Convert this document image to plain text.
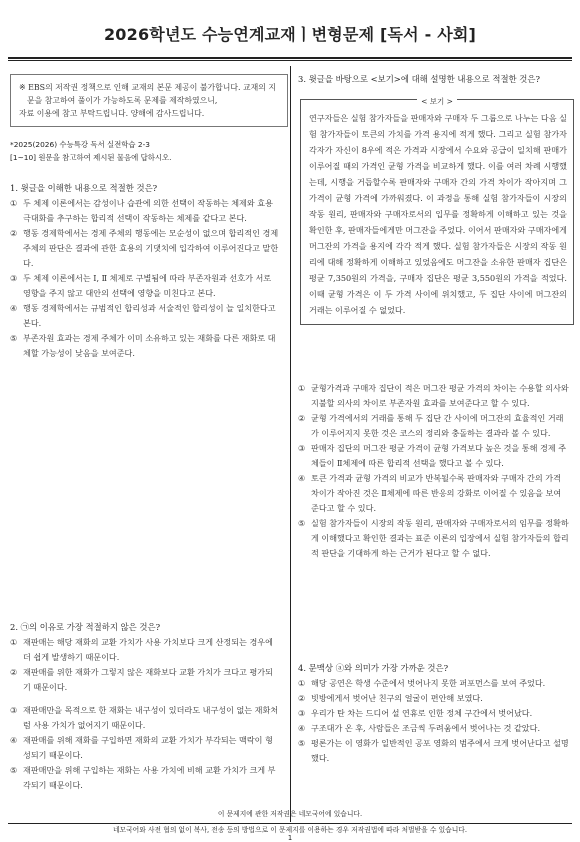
2026학년도 수능연계교재ㅣ변형문제 [독서 - 사회]

※ EBS의 저작권 정책으로 인해 교재의 본문 제공이 불가합니다. 교재의 지문을 참고하여 풀이가 가능하도록 문제를 제작하였으니,

자료 이용에 참고 부탁드립니다. 양해에 감사드립니다.

*2025(2026) 수능특강 독서 실전학습 2-3
[1~10] 원문을 참고하여 제시된 물음에 답하시오.

1. 윗글을 이해한 내용으로 적절한 것은?

① 두 체제 이론에서는 감성이나 습관에 의한 선택이 작동하는 체제와 효용 극대화를 추구하는 합리적 선택이 작동하는 체제를 같다고 본다.

② 행동 경제학에서는 경제 주체의 행동에는 모순성이 없으며 합리적인 경제 주체의 판단은 결과에 관한 효용의 기댓치에 입각하여 이루어진다고 말한다.

③ 두 체제 이론에서는 Ⅰ, Ⅱ 체제로 구별됨에 따라 부존자원과 선호가 서로 영향을 주지 않고 대안의 선택에 영향을 미친다고 본다.

④ 행동 경제학에서는 규범적인 합리성과 서술적인 합리성이 늘 일치한다고 본다.

⑤ 부존자원 효과는 경제 주체가 이미 소유하고 있는 재화를 다른 재화로 대체할 가능성이 낮음을 보여준다.

2. ㉠의 이유로 가장 적절하지 않은 것은?

① 재판매는 해당 재화의 교환 가치가 사용 가치보다 크게 산정되는 경우에 더 쉽게 발생하기 때문이다.

② 재판매를 위한 재화가 그렇지 않은 재화보다 교환 가치가 크다고 평가되기 때문이다.

③ 재판매만을 목적으로 한 재화는 내구성이 있더라도 내구성이 없는 재화처럼 사용 가치가 없어지기 때문이다.

④ 재판매를 위해 재화를 구입하면 재화의 교환 가치가 부각되는 맥락이 형성되기 때문이다.

⑤ 재판매만을 위해 구입하는 재화는 사용 가치에 비해 교환 가치가 크게 부각되기 때문이다.

3. 윗글을 바탕으로 <보기>에 대해 설명한 내용으로 적절한 것은?

< 보기 >
연구자들은 실험 참가자들을 판매자와 구매자 두 그룹으로 나누는 다음 실험 참가자들이 토큰의 가치를 가격 용지에 적게 했다. 그리고 실험 참가자 각자가 자신이 8우에 적은 가격과 시장에서 수요와 공급이 일치해 판매가 이루어질 때의 가격인 균형 가격을 비교하게 했다. 이를 여러 차례 시행했는데, 시행을 거듭할수록 판매자와 구매자 간의 가격 차이가 작아지며 그 가격이 균형 가격에 가까워졌다. 이 과정을 통해 실험 참가자들이 시장의 작동 원리, 판매자와 구매자로서의 입무를 정확하게 이해하고 있는 것을 확인한 후, 판매자들에게만 머그잔을 주었다. 이어서 판매자와 구매자에게 머그잔의 가격을 용지에 각각 적게 했다. 실험 참가자들은 시장의 작동 원리에 대해 정확하게 이해하고 있었음에도 머그잔을 소유한 판매자 집단은 평균 7,350원의 가격을, 구매자 집단은 평균 3,550원의 가격을 적었다. 이때 균형 가격은 이 두 가격 사이에 위치했고, 두 집단 사이에 머그잔의 거래는 이루어질 수 없었다.

① 균형가격과 구매자 집단이 적은 머그잔 평균 가격의 차이는 수용할 의사와 지불할 의사의 차이로 부존자원 효과를 보여준다고 할 수 있다.

② 균형 가격에서의 거래를 통해 두 집단 간 사이에 머그잔의 효율적인 거래가 이루어지지 못한 것은 코스의 정리와 충돌하는 결과라 볼 수 있다.

③ 판매자 집단의 머그잔 평균 가격이 균형 가격보다 높은 것을 통해 경제 주체들이 Ⅱ체제에 따른 합리적 선택을 했다고 볼 수 있다.

④ 토큰 가격과 균형 가격의 비교가 반복될수록 판매자와 구매자 간의 가격 차이가 작아진 것은 Ⅱ체제에 따른 반응의 강화로 이어질 수 있음을 보여 준다고 할 수 있다.

⑤ 실험 참가자들이 시장의 작동 원리, 판매자와 구매자로서의 임무를 정확하게 이해했다고 확인한 결과는 표준 이론의 입장에서 실험 참가자들의 합리적 판단을 기대하게 하는 근거가 된다고 할 수 없다.

4. 문맥상 ⓐ와 의미가 가장 가까운 것은?

① 해당 공연은 학생 수준에서 벗어나지 못한 퍼포먼스를 보여 주었다.

② 빗방에게서 벗어난 친구의 얼굴이 편안해 보였다.

③ 우리가 탄 차는 드디어 설 연휴로 인한 정체 구간에서 벗어났다.

④ 구조대가 온 후, 사람들은 조금씩 두려움에서 벗어나는 것 같았다.

⑤ 평론가는 이 영화가 일반적인 공포 영화의 범주에서 크게 벗어난다고 설명했다.

이 문제지에 관한 저작권은 네모국어에 있습니다.
네모국어와 사전 협의 없이 복사, 전송 등의 방법으로 이 문제지를 이용하는 경우 저작권법에 따라 처벌받을 수 있습니다.
1
